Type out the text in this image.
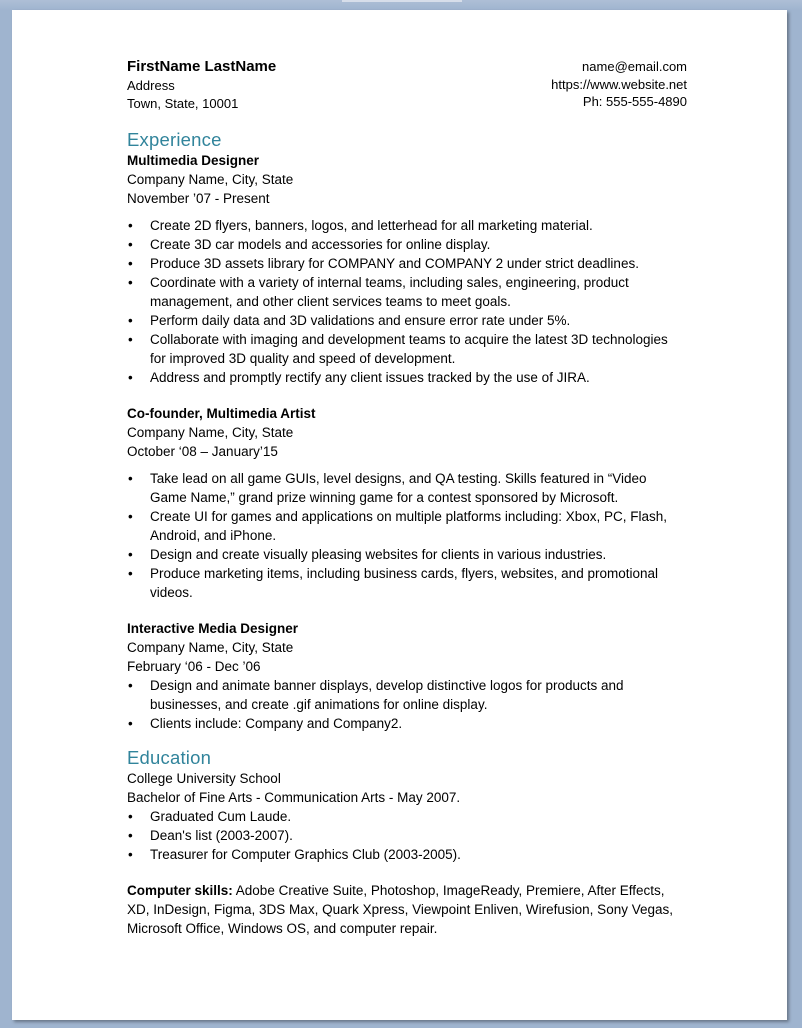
FirstName LastName
Address
Town, State, 10001
name@email.com
https://www.website.net
Ph: 555-555-4890
Experience
Multimedia Designer
Company Name, City, State
November ’07 - Present
• Create 2D flyers, banners, logos, and letterhead for all marketing material.
• Create 3D car models and accessories for online display.
• Produce 3D assets library for COMPANY and COMPANY 2 under strict deadlines.
• Coordinate with a variety of internal teams, including sales, engineering, product management, and other client services teams to meet goals.
• Perform daily data and 3D validations and ensure error rate under 5%.
• Collaborate with imaging and development teams to acquire the latest 3D technologies for improved 3D quality and speed of development.
• Address and promptly rectify any client issues tracked by the use of JIRA.
Co-founder, Multimedia Artist
Company Name, City, State
October ‘08 – January’15
• Take lead on all game GUIs, level designs, and QA testing. Skills featured in “Video Game Name,” grand prize winning game for a contest sponsored by Microsoft.
• Create UI for games and applications on multiple platforms including: Xbox, PC, Flash, Android, and iPhone.
• Design and create visually pleasing websites for clients in various industries.
• Produce marketing items, including business cards, flyers, websites, and promotional videos.
Interactive Media Designer
Company Name, City, State
February ‘06 - Dec ’06
• Design and animate banner displays, develop distinctive logos for products and businesses, and create .gif animations for online display.
• Clients include: Company and Company2.
Education
College University School
Bachelor of Fine Arts - Communication Arts - May 2007.
• Graduated Cum Laude.
• Dean's list (2003-2007).
• Treasurer for Computer Graphics Club (2003-2005).
Computer skills: Adobe Creative Suite, Photoshop, ImageReady, Premiere, After Effects, XD, InDesign, Figma, 3DS Max, Quark Xpress, Viewpoint Enliven, Wirefusion, Sony Vegas, Microsoft Office, Windows OS, and computer repair.
